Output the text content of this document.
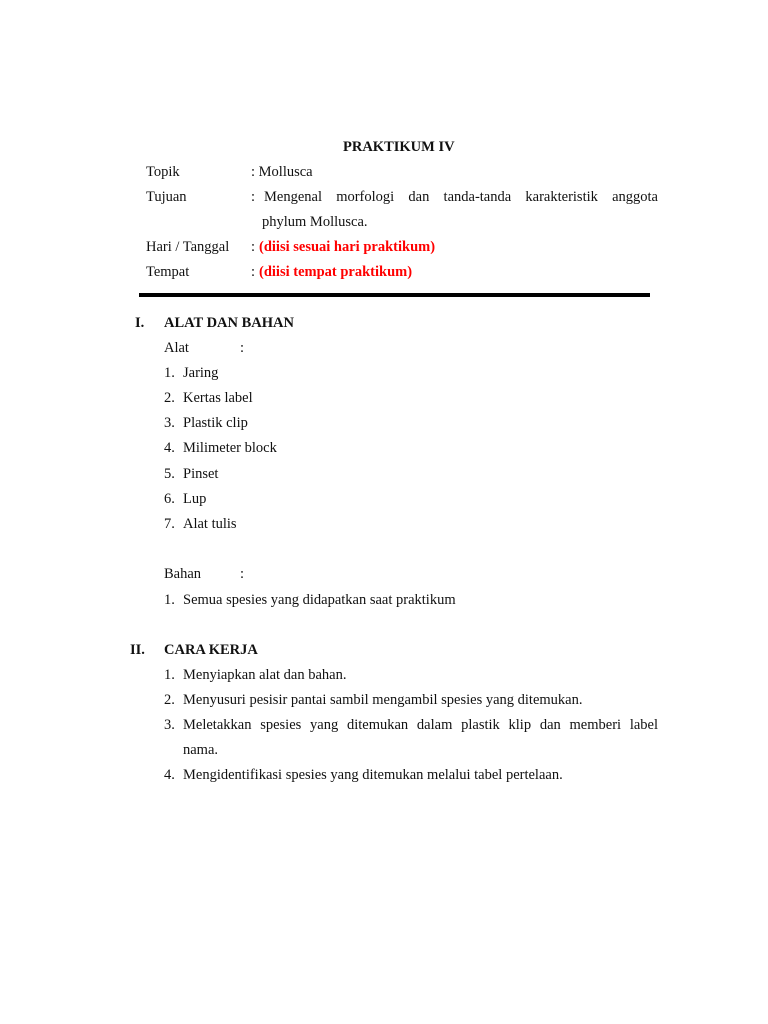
PRAKTIKUM IV
Topik	: Mollusca
Tujuan	: Mengenal morfologi dan tanda-tanda karakteristik anggota
phylum Mollusca.
Hari / Tanggal : (diisi sesuai hari praktikum)
Tempat	: (diisi tempat praktikum)
I. ALAT DAN BAHAN
Alat	:
1. Jaring
2. Kertas label
3. Plastik clip
4. Milimeter block
5. Pinset
6. Lup
7. Alat tulis
Bahan	:
1. Semua spesies yang didapatkan saat praktikum
II. CARA KERJA
1. Menyiapkan alat dan bahan.
2. Menyusuri pesisir pantai sambil mengambil spesies yang ditemukan.
3. Meletakkan spesies yang ditemukan dalam plastik klip dan memberi label
nama.
4. Mengidentifikasi spesies yang ditemukan melalui tabel pertelaan.
